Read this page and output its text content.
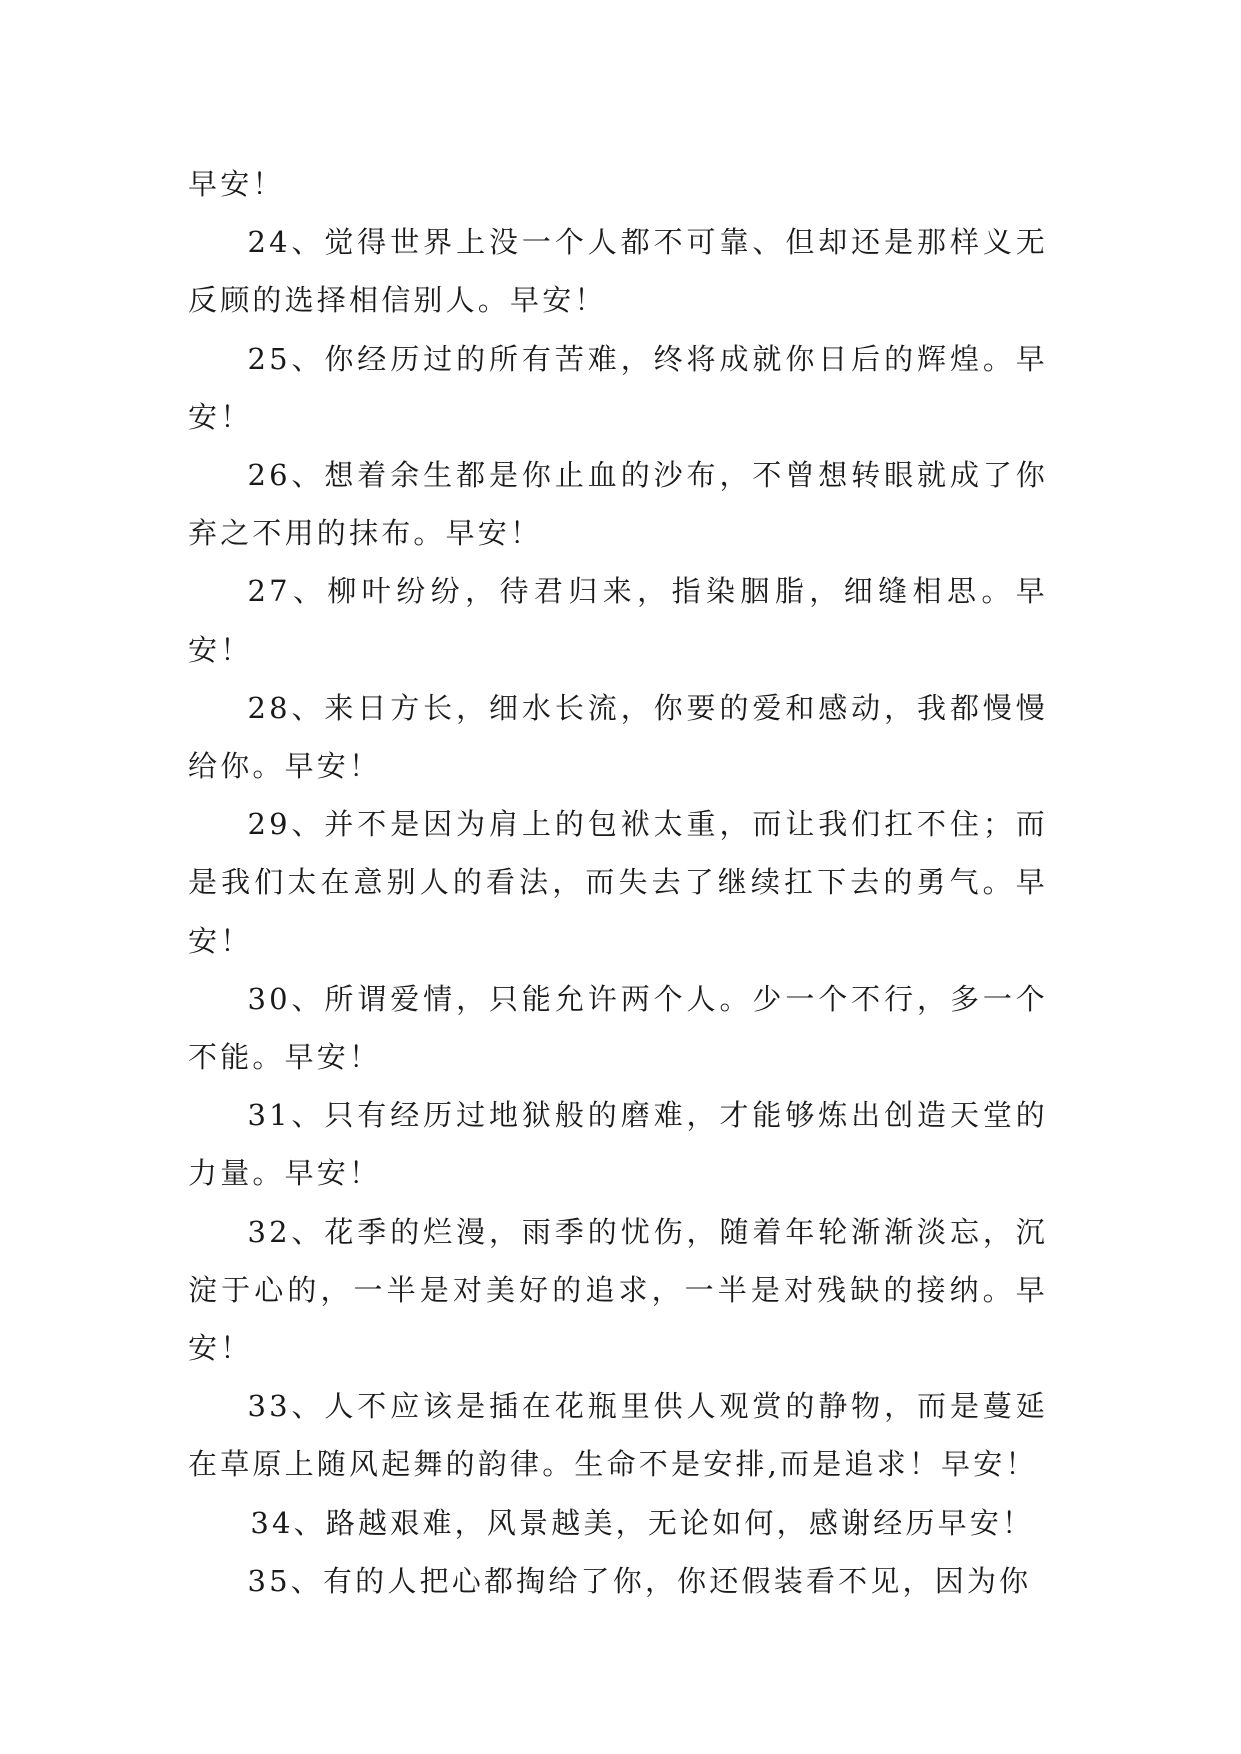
早安！

24、觉得世界上没一个人都不可靠、但却还是那样义无反顾的选择相信别人。早安！

25、你经历过的所有苦难，终将成就你日后的辉煌。早安！

26、想着余生都是你止血的沙布，不曾想转眼就成了你弃之不用的抹布。早安！

27、柳叶纷纷，待君归来，指染胭脂，细缝相思。早安！

28、来日方长，细水长流，你要的爱和感动，我都慢慢给你。早安！

29、并不是因为肩上的包袱太重，而让我们扛不住；而是我们太在意别人的看法，而失去了继续扛下去的勇气。早安！

30、所谓爱情，只能允许两个人。少一个不行，多一个不能。早安！

31、只有经历过地狱般的磨难，才能够炼出创造天堂的力量。早安！

32、花季的烂漫，雨季的忧伤，随着年轮渐渐淡忘，沉淀于心的，一半是对美好的追求，一半是对残缺的接纳。早安！

33、人不应该是插在花瓶里供人观赏的静物，而是蔓延在草原上随风起舞的韵律。生命不是安排,而是追求！早安！

34、路越艰难，风景越美，无论如何，感谢经历早安！

35、有的人把心都掏给了你，你还假装看不见，因为你
